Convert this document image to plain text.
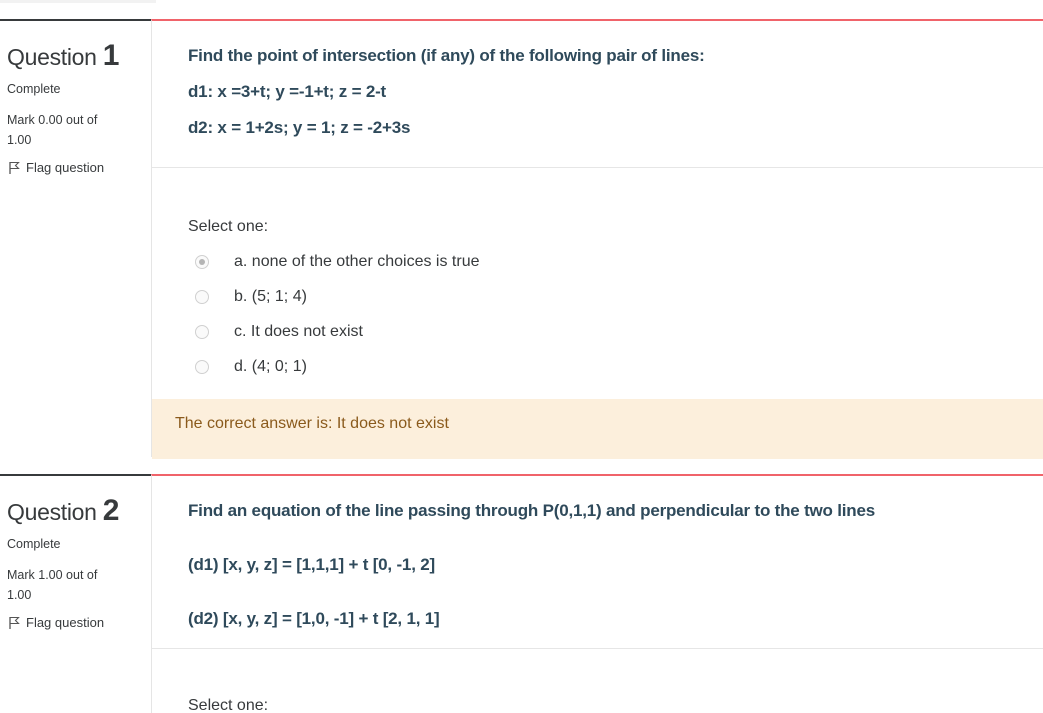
Question 1
Complete
Mark 0.00 out of 1.00
Flag question
Find the point of intersection (if any) of the following pair of lines:
d1: x =3+t; y =-1+t; z = 2-t
d2: x = 1+2s; y = 1; z = -2+3s
Select one:
a. none of the other choices is true
b. (5; 1; 4)
c. It does not exist
d. (4; 0; 1)
The correct answer is: It does not exist
Question 2
Complete
Mark 1.00 out of 1.00
Flag question
Find an equation of the line passing through P(0,1,1) and perpendicular to the two lines
(d1) [x, y, z] = [1,1,1] + t [0, -1, 2]
(d2) [x, y, z] = [1,0, -1] + t [2, 1, 1]
Select one:
